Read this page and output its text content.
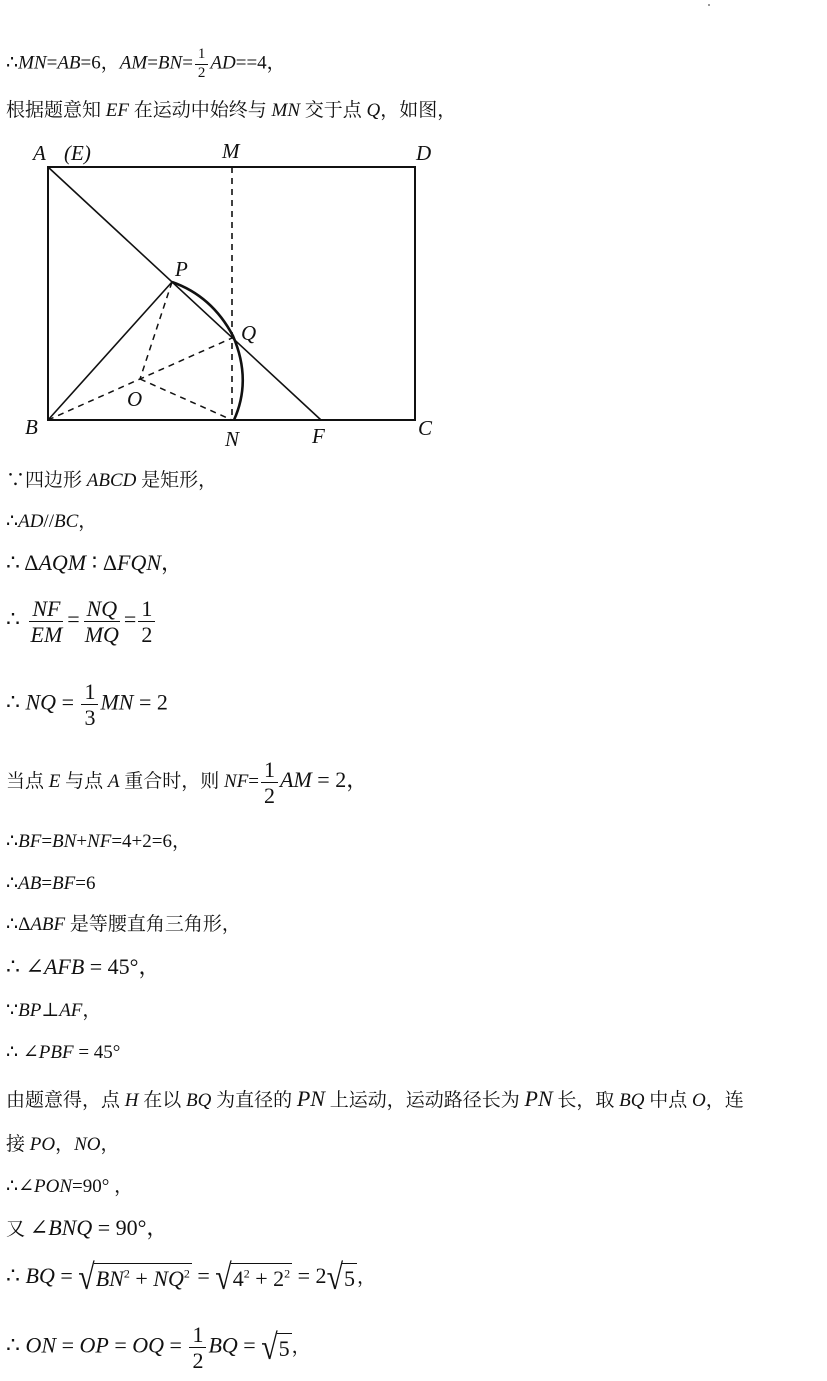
∴MN=AB=6，$AM=BN= \frac{1}{2} AD==4$，
根据题意知 EF 在运动中始终与 MN 交于点 Q，如图，
A (E)	M	D
P
Q
O
B	N	F	C
∵四边形 ABCD 是矩形，
∴AD//BC，
∴ ΔAQM ∶ ΔFQN，
∴ $\frac{NF}{EM} = \frac{NQ}{MQ} = \frac{1}{2}$
∴ NQ = $\frac{1}{3}$ MN = 2
当点 E 与点 A 重合时，则 $NF= \frac{1}{2}$ AM = 2，
∴BF=BN+NF=4+2=6，
∴AB=BF=6
∴ΔABF 是等腰直角三角形，
∴ ∠AFB = 45°，
∵BP⊥AF，
∴ ∠PBF = 45°
由题意得，点 H 在以 BQ 为直径的 PN 上运动，运动路径长为 PN 长，取 BQ 中点 O，连
接 PO，NO，
∴∠PON=90° ，
又 ∠BNQ = 90°，
∴ BQ = √ $BN^2 + NQ^2$ = √ $4^2 + 2^2 = 2$ √ 5 ，
∴ ON = OP = OQ = $\frac{1}{2}$ BQ = √ 5 ，
